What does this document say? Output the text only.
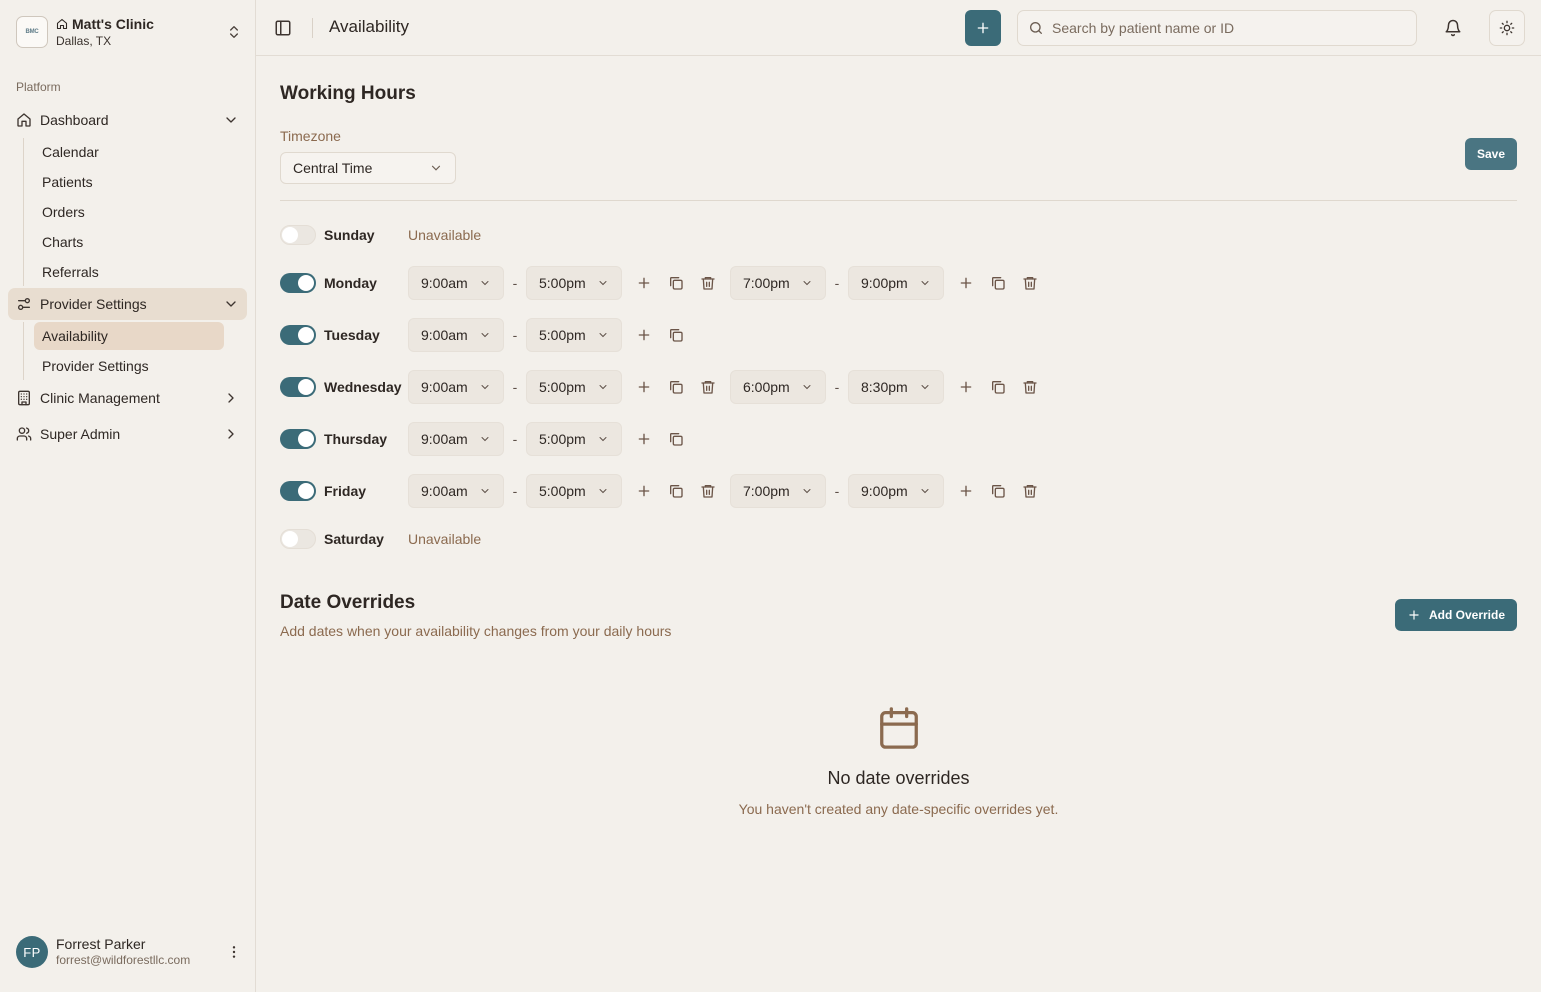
BMC
Matt's Clinic
Dallas, TX
Platform
Dashboard
Calendar
Patients
Orders
Charts
Referrals
Provider Settings
Availability
Provider Settings
Clinic Management
Super Admin
FP	Forrest Parker
forrest@wildforestllc.com
Availability
Search by patient name or ID
Working Hours
Timezone
Central Time
Save
Sunday	Unavailable
Monday	9:00am	-	5:00pm	7:00pm	-	9:00pm
Tuesday	9:00am	-	5:00pm
Wednesday	9:00am	-	5:00pm	6:00pm	-	8:30pm
Thursday	9:00am	-	5:00pm
Friday	9:00am	-	5:00pm	7:00pm	-	9:00pm
Saturday	Unavailable
Date Overrides
Add dates when your availability changes from your daily hours
Add Override
No date overrides
You haven't created any date-specific overrides yet.
